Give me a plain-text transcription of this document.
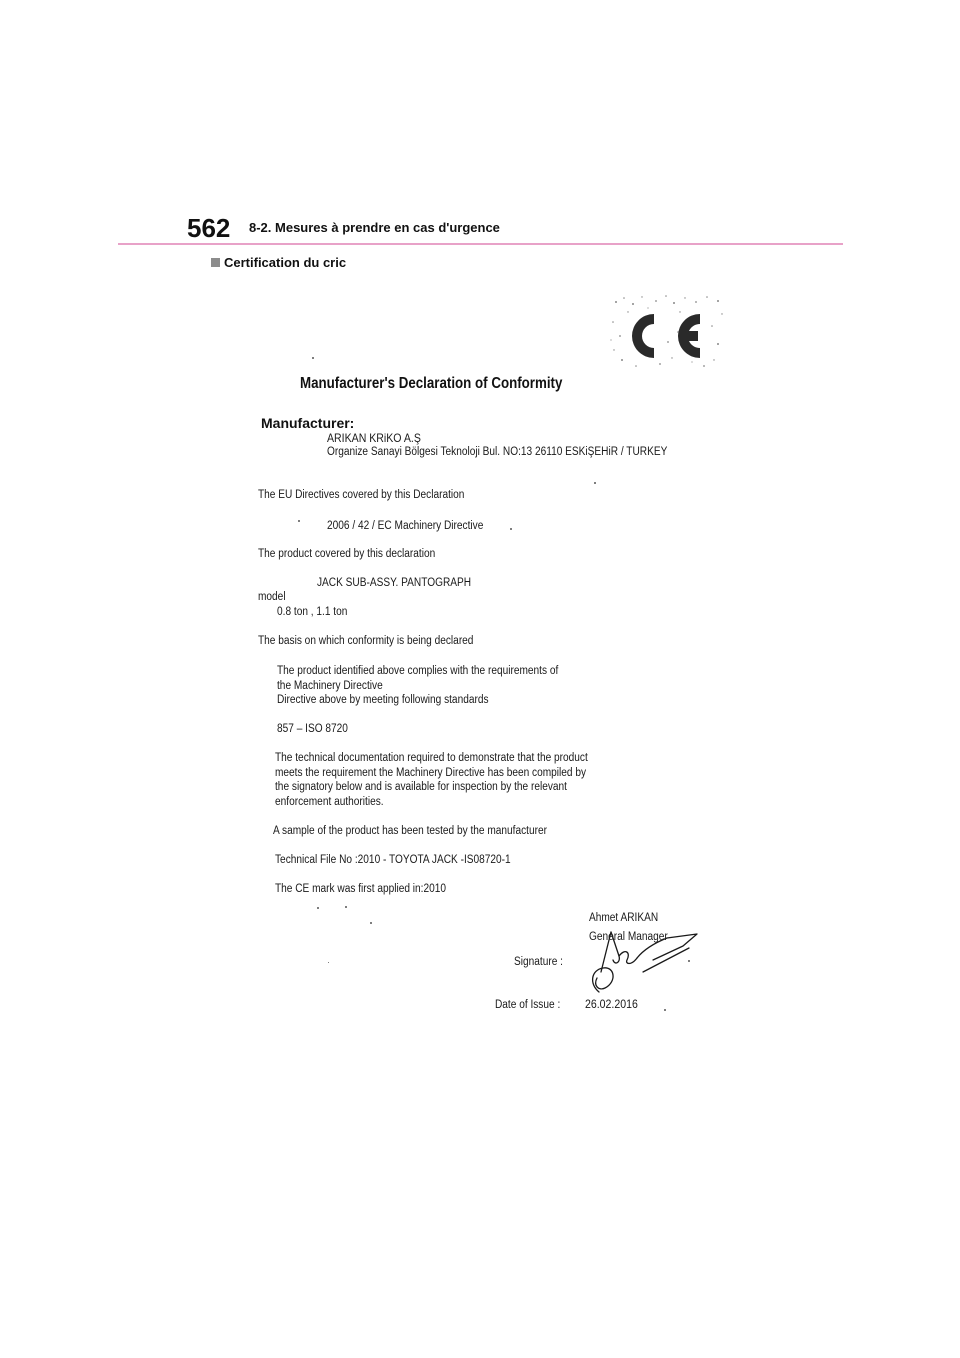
562 8-2. Mesures à prendre en cas d'urgence
Certification du cric
Manufacturer's Declaration of Conformity
Manufacturer:
ARIKAN KRiKO A.Ş
Organize Sanayi Bölgesi Teknoloji Bul. NO:13 26110 ESKiŞEHiR / TURKEY
The EU Directives covered by this Declaration
2006 / 42 / EC Machinery Directive
The product covered by this declaration
JACK SUB-ASSY. PANTOGRAPH
model
0.8 ton , 1.1 ton
The basis on which conformity is being declared
The product identified above complies with the requirements of
the Machinery Directive
Directive above by meeting following standards
857 – ISO 8720
The technical documentation required to demonstrate that the product
meets the requirement the Machinery Directive has been compiled by
the signatory below and is available for inspection by the relevant
enforcement authorities.
A sample of the product has been tested by the manufacturer
Technical File No :2010 - TOYOTA JACK -IS08720-1
The CE mark was first applied in:2010
Ahmet ARIKAN
General Manager
Signature :
Date of Issue : 26.02.2016
